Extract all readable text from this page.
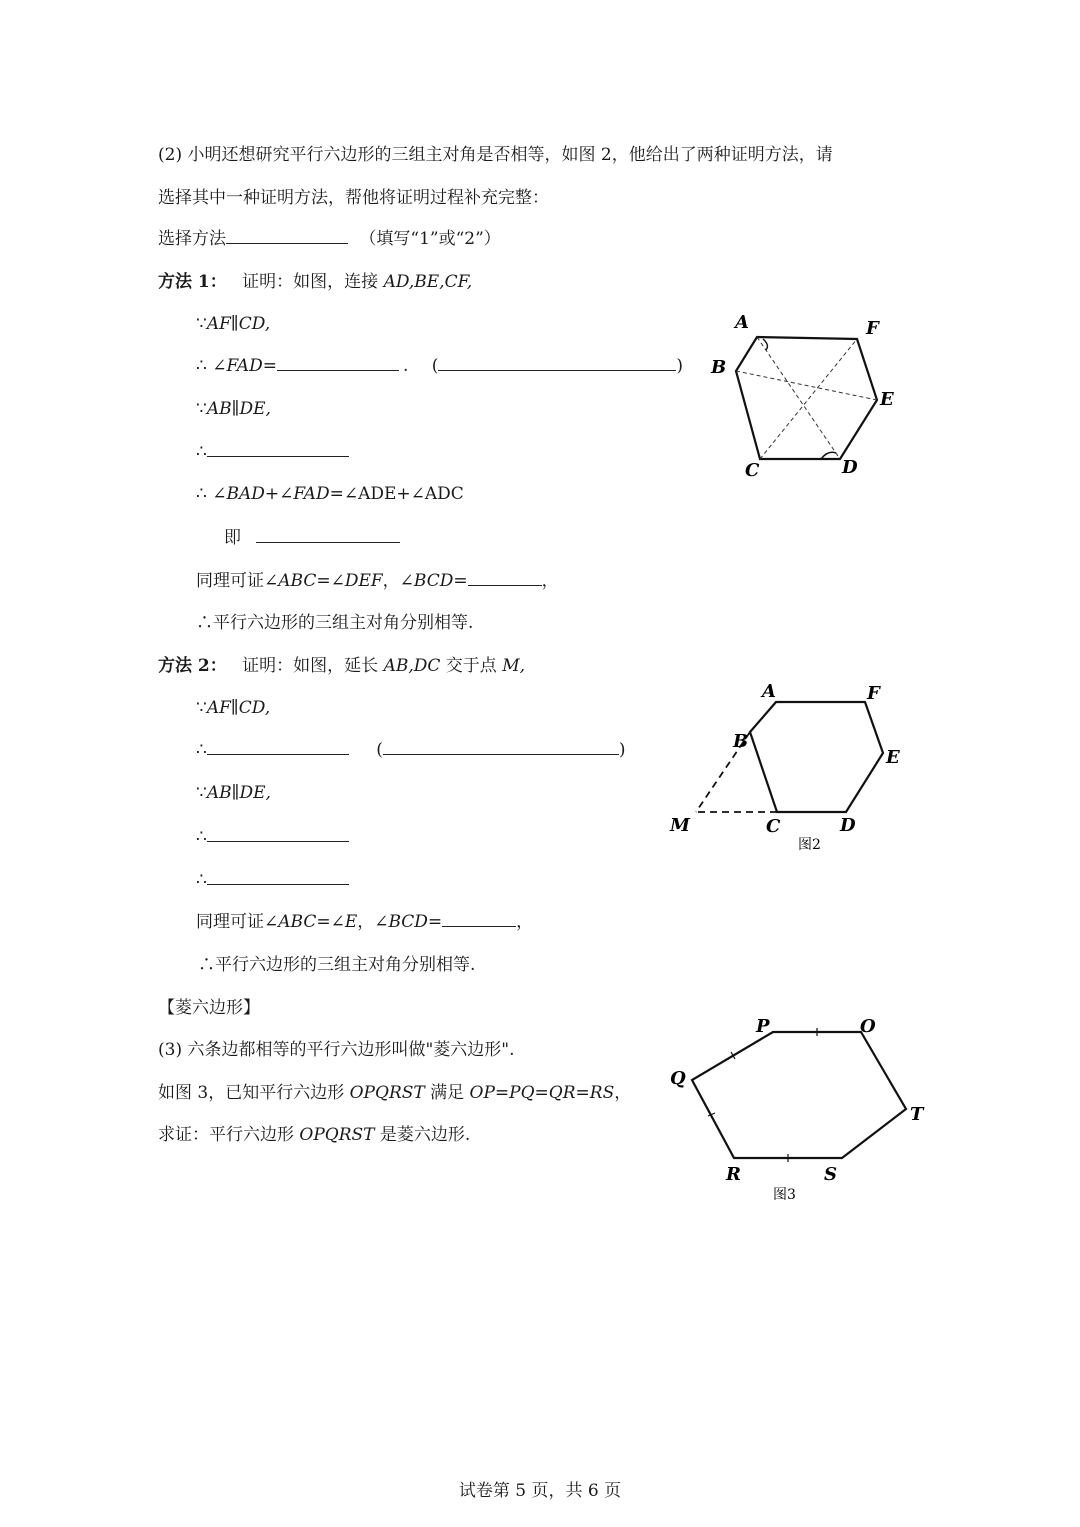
(2) 小明还想研究平行六边形的三组主对角是否相等，如图 2，他给出了两种证明方法，请
选择其中一种证明方法，帮他将证明过程补充完整：
选择方法	（填写“1”或“2”）
方法 1： 证明：如图，连接 AD,BE,CF,
∵AF∥CD,
∴ ∠FAD=	. (	)
∵AB∥DE,
∴
∴ ∠BAD+∠FAD=∠ADE+∠ADC
即
同理可证∠ABC=∠DEF，∠BCD=	，
∴平行六边形的三组主对角分别相等.
方法 2： 证明：如图，延长 AB,DC 交于点 M,
∵AF∥CD,
∴	(	)
∵AB∥DE,
∴
∴
同理可证∠ABC=∠E，∠BCD=	，
∴平行六边形的三组主对角分别相等.
【菱六边形】
(3) 六条边都相等的平行六边形叫做"菱六边形".
如图 3，已知平行六边形 OPQRST 满足 OP=PQ=QR=RS，
求证：平行六边形 OPQRST 是菱六边形.
A	F
B
E
C	D
A	F
B
E
M	C	D
图2
P	O
Q
T
R	S
图3
试卷第 5 页，共 6 页
